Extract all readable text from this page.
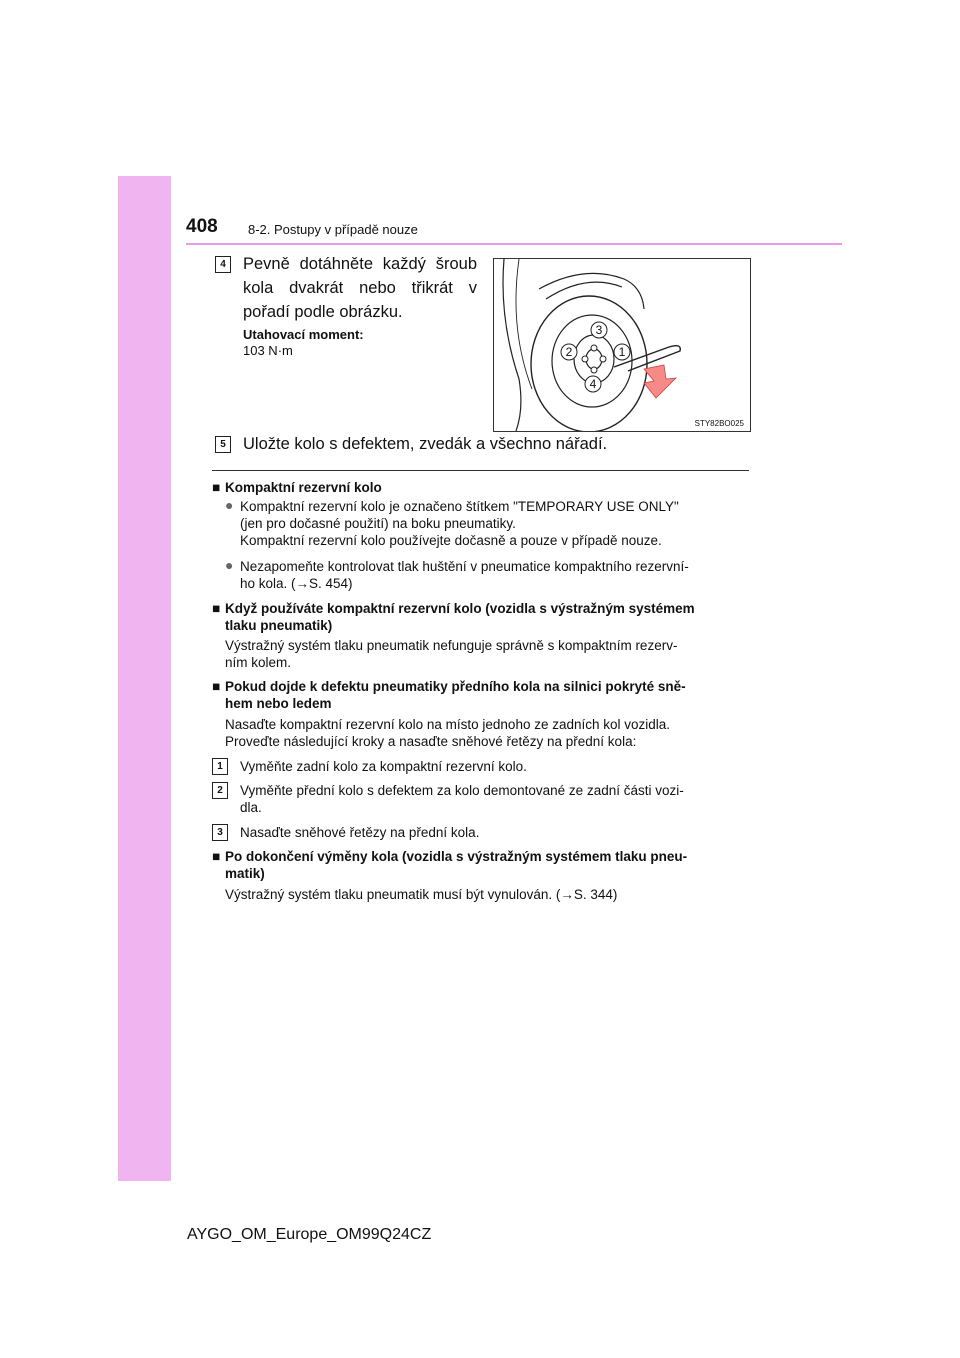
408 8-2. Postupy v případě nouze
4	Pevně dotáhněte každý šroub kola dvakrát nebo třikrát v pořadí podle obrázku.
Utahovací moment:
103 N·m	1
2
3
4
STY82BO025
5	Uložte kolo s defektem, zvedák a všechno nářadí.
■ Kompaktní rezervní kolo
● Kompaktní rezervní kolo je označeno štítkem "TEMPORARY USE ONLY"
(jen pro dočasné použití) na boku pneumatiky.
Kompaktní rezervní kolo používejte dočasně a pouze v případě nouze.
● Nezapomeňte kontrolovat tlak huštění v pneumatice kompaktního rezervní-
ho kola. (→S. 454)
■ Když používáte kompaktní rezervní kolo (vozidla s výstražným systémem
tlaku pneumatik)
Výstražný systém tlaku pneumatik nefunguje správně s kompaktním rezerv-
ním kolem.
■ Pokud dojde k defektu pneumatiky předního kola na silnici pokryté sně-
hem nebo ledem
Nasaďte kompaktní rezervní kolo na místo jednoho ze zadních kol vozidla.
Proveďte následující kroky a nasaďte sněhové řetězy na přední kola:
1	Vyměňte zadní kolo za kompaktní rezervní kolo.
2	Vyměňte přední kolo s defektem za kolo demontované ze zadní části vozi-
dla.
3	Nasaďte sněhové řetězy na přední kola.
■ Po dokončení výměny kola (vozidla s výstražným systémem tlaku pneu-
matik)
Výstražný systém tlaku pneumatik musí být vynulován. (→S. 344)
AYGO_OM_Europe_OM99Q24CZ
